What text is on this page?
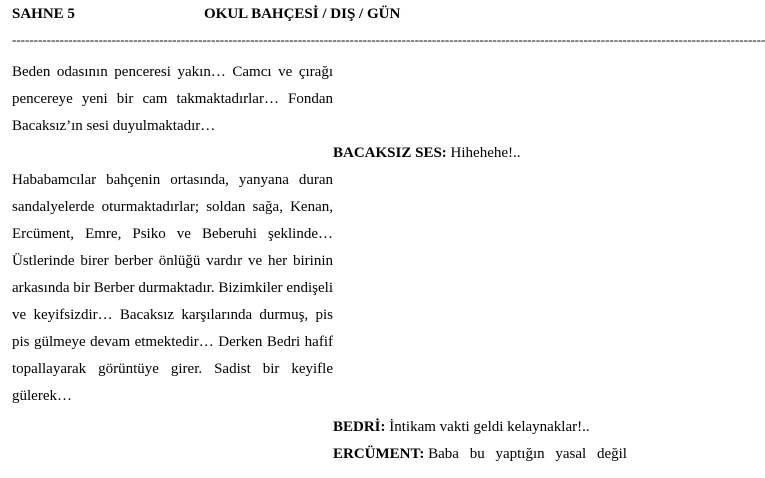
SAHNE 5	OKUL BAHÇESİ / DIŞ / GÜN
------------------------------------------------------------------------------------------------------------------------------------------------------------------------------
Beden odasının penceresi yakın… Camcı ve çırağı pencereye yeni bir cam takmaktadırlar… Fondan Bacaksız’ın sesi duyulmaktadır…
BACAKSIZ SES: Hihehehe!..
Hababamcılar bahçenin ortasında, yanyana duran sandalyelerde oturmaktadırlar; soldan sağa, Kenan, Ercüment, Emre, Psiko ve Beberuhi şeklinde… Üstlerinde birer berber önlüğü vardır ve her birinin arkasında bir Berber durmaktadır. Bizimkiler endişeli ve keyifsizdir… Bacaksız karşılarında durmuş, pis pis gülmeye devam etmektedir… Derken Bedri hafif topallayarak görüntüye girer. Sadist bir keyifle gülerek…
BEDRİ: İntikam vakti geldi kelaynaklar!..
ERCÜMENT: Baba bu yaptığın yasal değil
